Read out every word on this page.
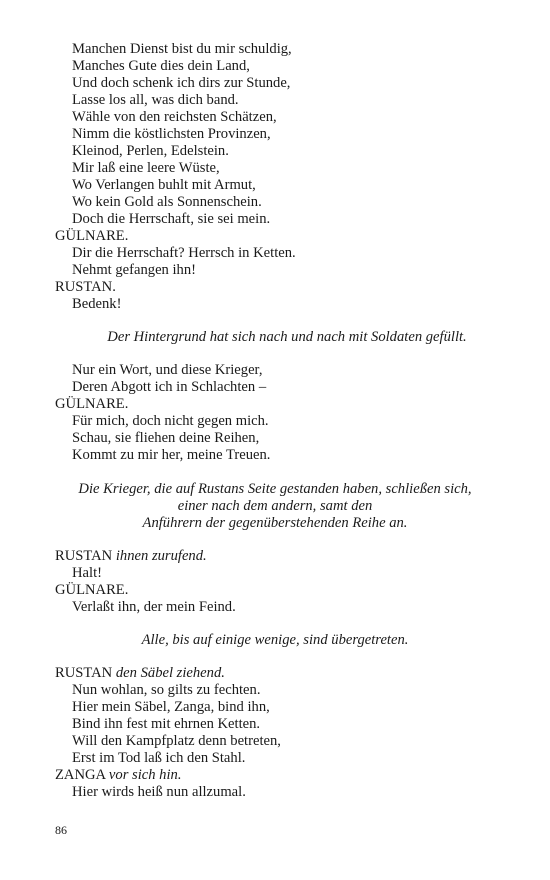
Manchen Dienst bist du mir schuldig,
Manches Gute dies dein Land,
Und doch schenk ich dirs zur Stunde,
Lasse los all, was dich band.
Wähle von den reichsten Schätzen,
Nimm die köstlichsten Provinzen,
Kleinod, Perlen, Edelstein.
Mir laß eine leere Wüste,
Wo Verlangen buhlt mit Armut,
Wo kein Gold als Sonnenschein.
Doch die Herrschaft, sie sei mein.
GÜLNARE.
Dir die Herrschaft? Herrsch in Ketten.
Nehmt gefangen ihn!
RUSTAN.
Bedenk!
Der Hintergrund hat sich nach und nach mit Soldaten gefüllt.
Nur ein Wort, und diese Krieger,
Deren Abgott ich in Schlachten –
GÜLNARE.
Für mich, doch nicht gegen mich.
Schau, sie fliehen deine Reihen,
Kommt zu mir her, meine Treuen.
Die Krieger, die auf Rustans Seite gestanden haben, schließen sich,
einer nach dem andern, samt den
Anführern der gegenüberstehenden Reihe an.
RUSTAN ihnen zurufend.
Halt!
GÜLNARE.
Verlaßt ihn, der mein Feind.
Alle, bis auf einige wenige, sind übergetreten.
RUSTAN den Säbel ziehend.
Nun wohlan, so gilts zu fechten.
Hier mein Säbel, Zanga, bind ihn,
Bind ihn fest mit ehrnen Ketten.
Will den Kampfplatz denn betreten,
Erst im Tod laß ich den Stahl.
ZANGA vor sich hin.
Hier wirds heiß nun allzumal.
86
